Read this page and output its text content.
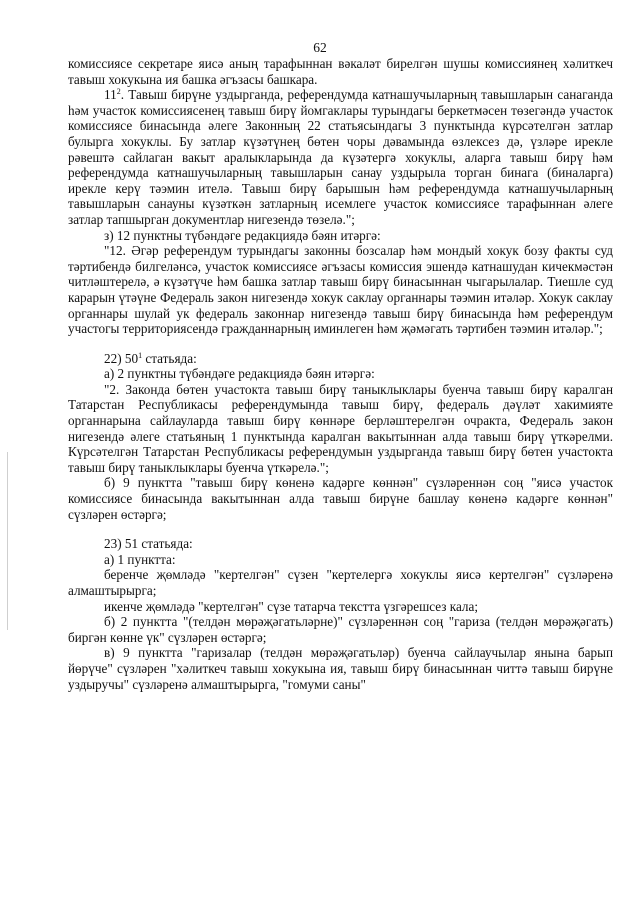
62

комиссиясе секретаре яисә аның тарафыннан вәкаләт бирелгән шушы комиссиянең хәлиткеч тавыш хокукына ия башка әгъзасы башкара.

$11^2$. Тавыш бирүне уздырганда, референдумда катнашучыларның тавышларын санаганда һәм участок комиссиясенең тавыш бирү йомгаклары турындагы беркетмәсен төзегәндә участок комиссиясе бинасында әлеге Законның 22 статьясындагы 3 пунктында күрсәтелгән затлар булырга хокуклы. Бу затлар күзәтүнең бөтен чоры дәвамында өзлексез дә, үзләре ирекле рәвештә сайлаган вакыт аралыкларында да күзәтергә хокуклы, аларга тавыш бирү һәм референдумда катнашучыларның тавышларын санау уздырыла торган бинага (биналарга) ирекле керү тәэмин ителә. Тавыш бирү барышын һәм референдумда катнашучыларның тавышларын санауны күзәткән затларның исемлеге участок комиссиясе тарафыннан әлеге затлар тапшырган документлар нигезендә төзелә.";

з) 12 пунктны түбәндәге редакциядә бәян итәргә:

"12. Әгәр референдум турындагы законны бозсалар һәм мондый хокук бозу факты суд тәртибендә билгеләнсә, участок комиссиясе әгъзасы комиссия эшендә катнашудан кичекмәстән читләштерелә, ә күзәтүче һәм башка затлар тавыш бирү бинасыннан чыгарылалар. Тиешле суд карарын үтәүне Федераль закон нигезендә хокук саклау органнары тәэмин итәләр. Хокук саклау органнары шулай ук федераль законнар нигезендә тавыш бирү бинасында һәм референдум участогы территориясендә гражданнарның иминлеген һәм җәмәгать тәртибен тәэмин итәләр.";

22) $50^1$ статьяда:

а) 2 пунктны түбәндәге редакциядә бәян итәргә:

"2. Законда бөтен участокта тавыш бирү таныклыклары буенча тавыш бирү каралган Татарстан Республикасы референдумында тавыш бирү, федераль дәүләт хакимияте органнарына сайлауларда тавыш бирү көннәре берләштерелгән очракта, Федераль закон нигезендә әлеге статьяның 1 пунктында каралган вакытыннан алда тавыш бирү үткәрелми. Күрсәтелгән Татарстан Республикасы референдумын уздырганда тавыш бирү бөтен участокта тавыш бирү таныклыклары буенча үткәрелә.";

б) 9 пунктта "тавыш бирү көненә кадәрге көннән" сүзләреннән соң "яисә участок комиссиясе бинасында вакытыннан алда тавыш бирүне башлау көненә кадәрге көннән" сүзләрен өстәргә;

23) 51 статьяда:

а) 1 пунктта:

беренче җөмләдә "кертелгән" сүзен "кертелергә хокуклы яисә кертелгән" сүзләренә алмаштырырга;

икенче җөмләдә "кертелгән" сүзе татарча текстта үзгәрешсез кала;

б) 2 пунктта "(телдән мөрәҗәгатьләрне)" сүзләреннән соң "гариза (телдән мөрәҗәгать) биргән көнне үк" сүзләрен өстәргә;

в) 9 пунктта "гаризалар (телдән мөрәҗәгатьләр) буенча сайлаучылар янына барып йөрүче" сүзләрен "хәлиткеч тавыш хокукына ия, тавыш бирү бинасыннан читтә тавыш бирүне уздыручы" сүзләренә алмаштырырга, "гомуми саны"
